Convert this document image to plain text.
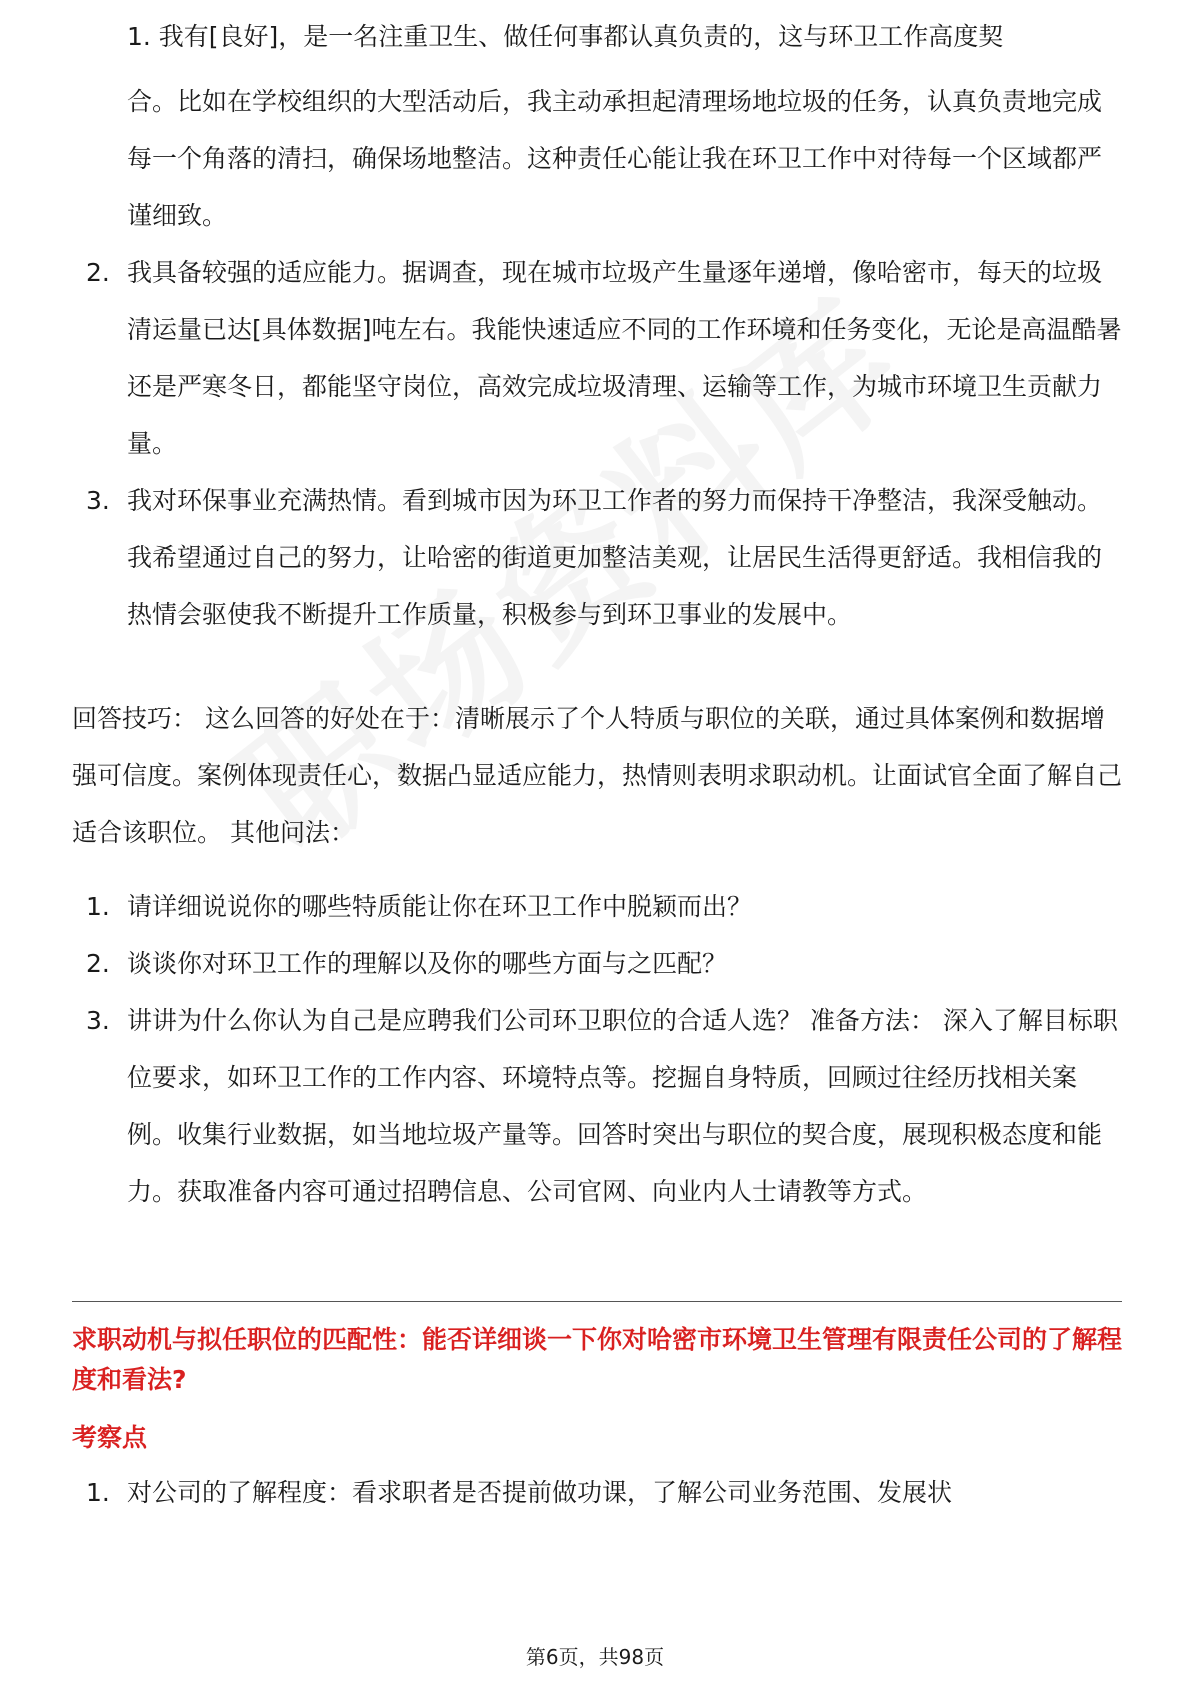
1. 我有[良好]，是一名注重卫生、做任何事都认真负责的，这与环卫工作高度契
合。比如在学校组织的大型活动后，我主动承担起清理场地垃圾的任务，认真负责地完成每一个角落的清扫，确保场地整洁。这种责任心能让我在环卫工作中对待每一个区域都严谨细致。
2. 我具备较强的适应能力。据调查，现在城市垃圾产生量逐年递增，像哈密市，每天的垃圾清运量已达[具体数据]吨左右。我能快速适应不同的工作环境和任务变化，无论是高温酷暑还是严寒冬日，都能坚守岗位，高效完成垃圾清理、运输等工作，为城市环境卫生贡献力量。
3. 我对环保事业充满热情。看到城市因为环卫工作者的努力而保持干净整洁，我深受触动。我希望通过自己的努力，让哈密的街道更加整洁美观，让居民生活得更舒适。我相信我的热情会驱使我不断提升工作质量，积极参与到环卫事业的发展中。
回答技巧： 这么回答的好处在于：清晰展示了个人特质与职位的关联，通过具体案例和数据增强可信度。案例体现责任心，数据凸显适应能力，热情则表明求职动机。让面试官全面了解自己适合该职位。 其他问法：
1. 请详细说说你的哪些特质能让你在环卫工作中脱颖而出？
2. 谈谈你对环卫工作的理解以及你的哪些方面与之匹配？
3. 讲讲为什么你认为自己是应聘我们公司环卫职位的合适人选？ 准备方法： 深入了解目标职位要求，如环卫工作的工作内容、环境特点等。挖掘自身特质，回顾过往经历找相关案例。收集行业数据，如当地垃圾产量等。回答时突出与职位的契合度，展现积极态度和能力。获取准备内容可通过招聘信息、公司官网、向业内人士请教等方式。
求职动机与拟任职位的匹配性：能否详细谈一下你对哈密市环境卫生管理有限责任公司的了解程度和看法?
考察点
1. 对公司的了解程度：看求职者是否提前做功课，了解公司业务范围、发展状
第6页，共98页
